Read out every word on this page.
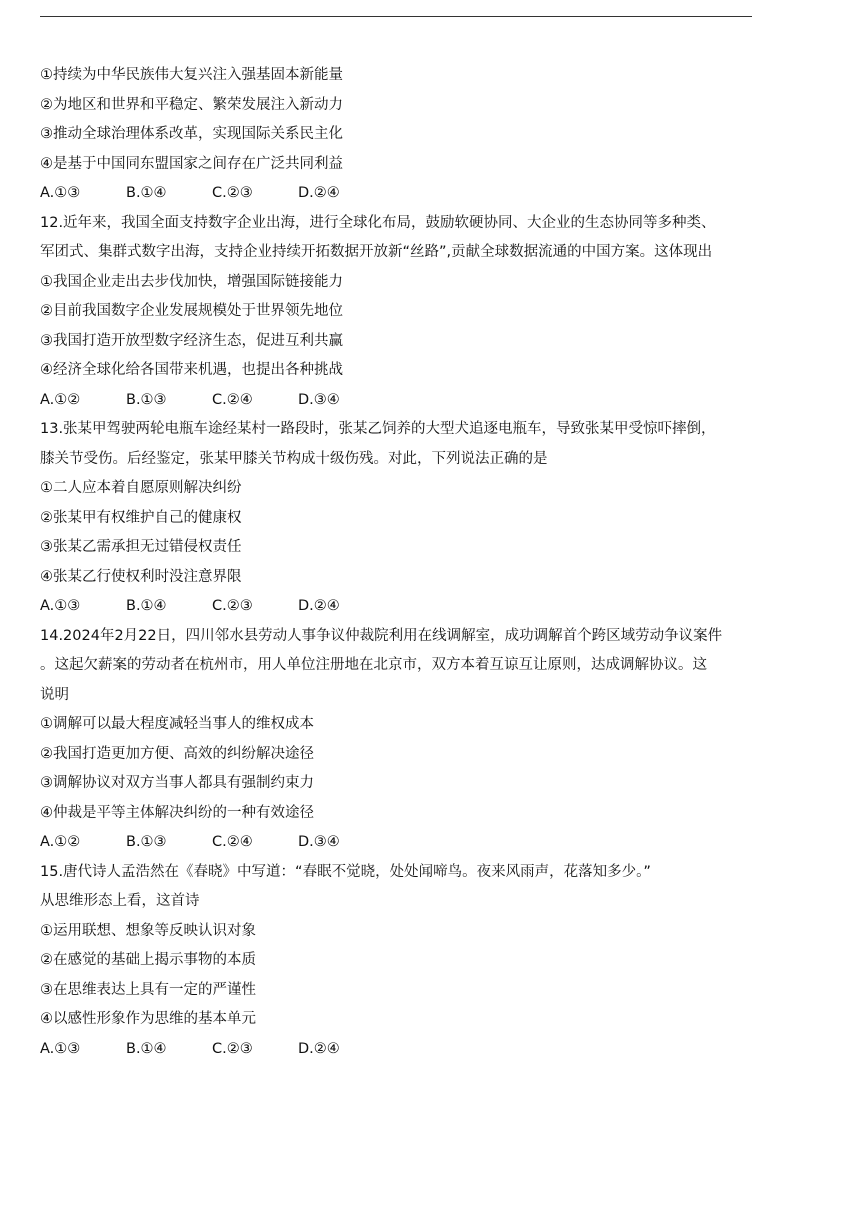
①持续为中华民族伟大复兴注入强基固本新能量
②为地区和世界和平稳定、繁荣发展注入新动力
③推动全球治理体系改革，实现国际关系民主化
④是基于中国同东盟国家之间存在广泛共同利益
A.①③	B.①④	C.②③	D.②④
12.近年来，我国全面支持数字企业出海，进行全球化布局，鼓励软硬协同、大企业的生态协同等多种类、
军团式、集群式数字出海，支持企业持续开拓数据开放新“丝路”,贡献全球数据流通的中国方案。这体现出
①我国企业走出去步伐加快，增强国际链接能力
②目前我国数字企业发展规模处于世界领先地位
③我国打造开放型数字经济生态，促进互利共赢
④经济全球化给各国带来机遇，也提出各种挑战
A.①②	B.①③	C.②④	D.③④
13.张某甲驾驶两轮电瓶车途经某村一路段时，张某乙饲养的大型犬追逐电瓶车，导致张某甲受惊吓摔倒，
膝关节受伤。后经鉴定，张某甲膝关节构成十级伤残。对此，下列说法正确的是
①二人应本着自愿原则解决纠纷
②张某甲有权维护自己的健康权
③张某乙需承担无过错侵权责任
④张某乙行使权利时没注意界限
A.①③	B.①④	C.②③	D.②④
14.2024年2月22日，四川邻水县劳动人事争议仲裁院利用在线调解室，成功调解首个跨区域劳动争议案件
。这起欠薪案的劳动者在杭州市，用人单位注册地在北京市，双方本着互谅互让原则，达成调解协议。这
说明
①调解可以最大程度减轻当事人的维权成本
②我国打造更加方便、高效的纠纷解决途径
③调解协议对双方当事人都具有强制约束力
④仲裁是平等主体解决纠纷的一种有效途径
A.①②	B.①③	C.②④	D.③④
15.唐代诗人孟浩然在《春晓》中写道：“春眠不觉晓，处处闻啼鸟。夜来风雨声，花落知多少。”
从思维形态上看，这首诗
①运用联想、想象等反映认识对象
②在感觉的基础上揭示事物的本质
③在思维表达上具有一定的严谨性
④以感性形象作为思维的基本单元
A.①③	B.①④	C.②③	D.②④
